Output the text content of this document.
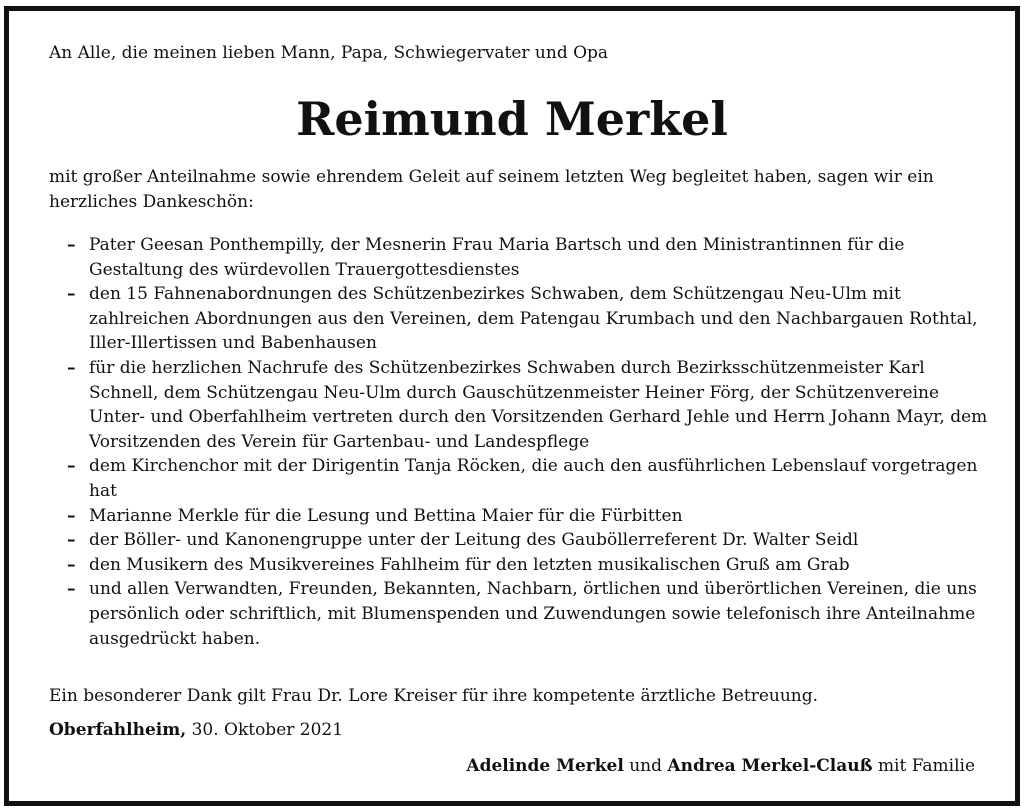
An Alle, die meinen lieben Mann, Papa, Schwiegervater und Opa
Reimund Merkel
mit großer Anteilnahme sowie ehrendem Geleit auf seinem letzten Weg begleitet haben, sagen wir ein herzliches Dankeschön:
– Pater Geesan Ponthempilly, der Mesnerin Frau Maria Bartsch und den Ministrantinnen für die Gestaltung des würdevollen Trauergottesdienstes
– den 15 Fahnenabordnungen des Schützenbezirkes Schwaben, dem Schützengau Neu-Ulm mit zahlreichen Abordnungen aus den Vereinen, dem Patengau Krumbach und den Nachbargauen Rothtal, Iller-Illertissen und Babenhausen
– für die herzlichen Nachrufe des Schützenbezirkes Schwaben durch Bezirksschützenmeister Karl Schnell, dem Schützengau Neu-Ulm durch Gauschützenmeister Heiner Förg, der Schützenvereine Unter- und Oberfahlheim vertreten durch den Vorsitzenden Gerhard Jehle und Herrn Johann Mayr, dem Vorsitzenden des Verein für Gartenbau- und Landespflege
– dem Kirchenchor mit der Dirigentin Tanja Röcken, die auch den ausführlichen Lebenslauf vorgetragen hat
– Marianne Merkle für die Lesung und Bettina Maier für die Fürbitten
– der Böller- und Kanonengruppe unter der Leitung des Gauböllerreferent Dr. Walter Seidl
– den Musikern des Musikvereines Fahlheim für den letzten musikalischen Gruß am Grab
– und allen Verwandten, Freunden, Bekannten, Nachbarn, örtlichen und überörtlichen Vereinen, die uns persönlich oder schriftlich, mit Blumenspenden und Zuwendungen sowie telefonisch ihre Anteilnahme ausgedrückt haben.
Ein besonderer Dank gilt Frau Dr. Lore Kreiser für ihre kompetente ärztliche Betreuung.
Oberfahlheim, 30. Oktober 2021
Adelinde Merkel und Andrea Merkel-Clauß mit Familie
